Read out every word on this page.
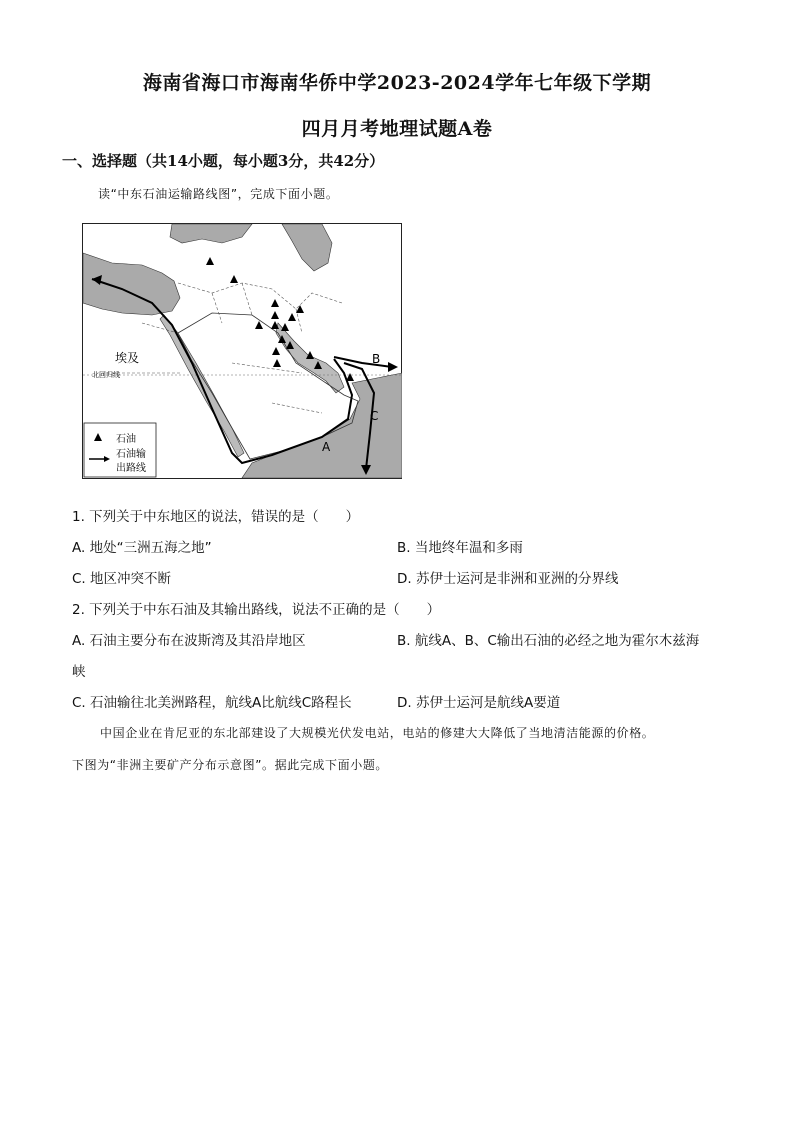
海南省海口市海南华侨中学2023-2024学年七年级下学期
四月月考地理试题A卷
一、选择题（共14小题，每小题3分，共42分）
读“中东石油运输路线图”，完成下面小题。
A
B
C
埃及
北回归线
石油
石油输
出路线
1. 下列关于中东地区的说法，错误的是（　　）
A. 地处“三洲五海之地”	B. 当地终年温和多雨
C. 地区冲突不断	D. 苏伊士运河是非洲和亚洲的分界线
2. 下列关于中东石油及其输出路线，说法不正确的是（　　）
A. 石油主要分布在波斯湾及其沿岸地区	B. 航线A、B、C输出石油的必经之地为霍尔木兹海
峡
C. 石油输往北美洲路程，航线A比航线C路程长	D. 苏伊士运河是航线A要道
中国企业在肯尼亚的东北部建设了大规模光伏发电站，电站的修建大大降低了当地清洁能源的价格。
下图为“非洲主要矿产分布示意图”。据此完成下面小题。
